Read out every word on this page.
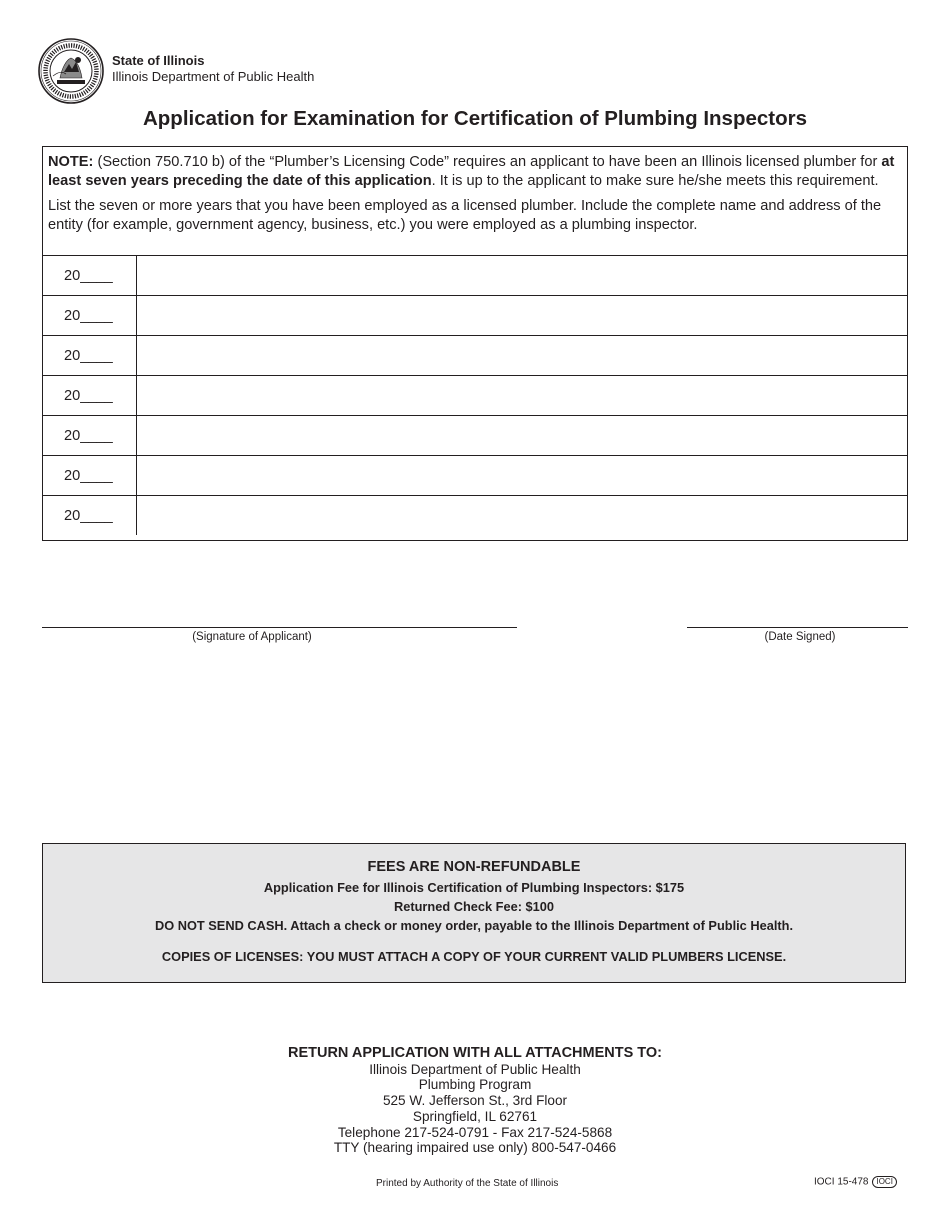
State of Illinois
Illinois Department of Public Health
Application for Examination for Certification of Plumbing Inspectors

NOTE: (Section 750.710 b) of the “Plumber’s Licensing Code” requires an applicant to have been an Illinois licensed plumber for at least seven years preceding the date of this application. It is up to the applicant to make sure he/she meets this requirement.

List the seven or more years that you have been employed as a licensed plumber. Include the complete name and address of the entity (for example, government agency, business, etc.) you were employed as a plumbing inspector.

20____
20____
20____
20____
20____
20____
20____
(Signature of Applicant)	(Date Signed)
FEES ARE NON-REFUNDABLE
Application Fee for Illinois Certification of Plumbing Inspectors: $175
Returned Check Fee: $100
DO NOT SEND CASH. Attach a check or money order, payable to the Illinois Department of Public Health.
COPIES OF LICENSES: YOU MUST ATTACH A COPY OF YOUR CURRENT VALID PLUMBERS LICENSE.
RETURN APPLICATION WITH ALL ATTACHMENTS TO:
Illinois Department of Public Health
Plumbing Program
525 W. Jefferson St., 3rd Floor
Springfield, IL 62761
Telephone 217-524-0791 - Fax 217-524-5868
TTY (hearing impaired use only) 800-547-0466
Printed by Authority of the State of Illinois	IOCI 15-478 IOCI
